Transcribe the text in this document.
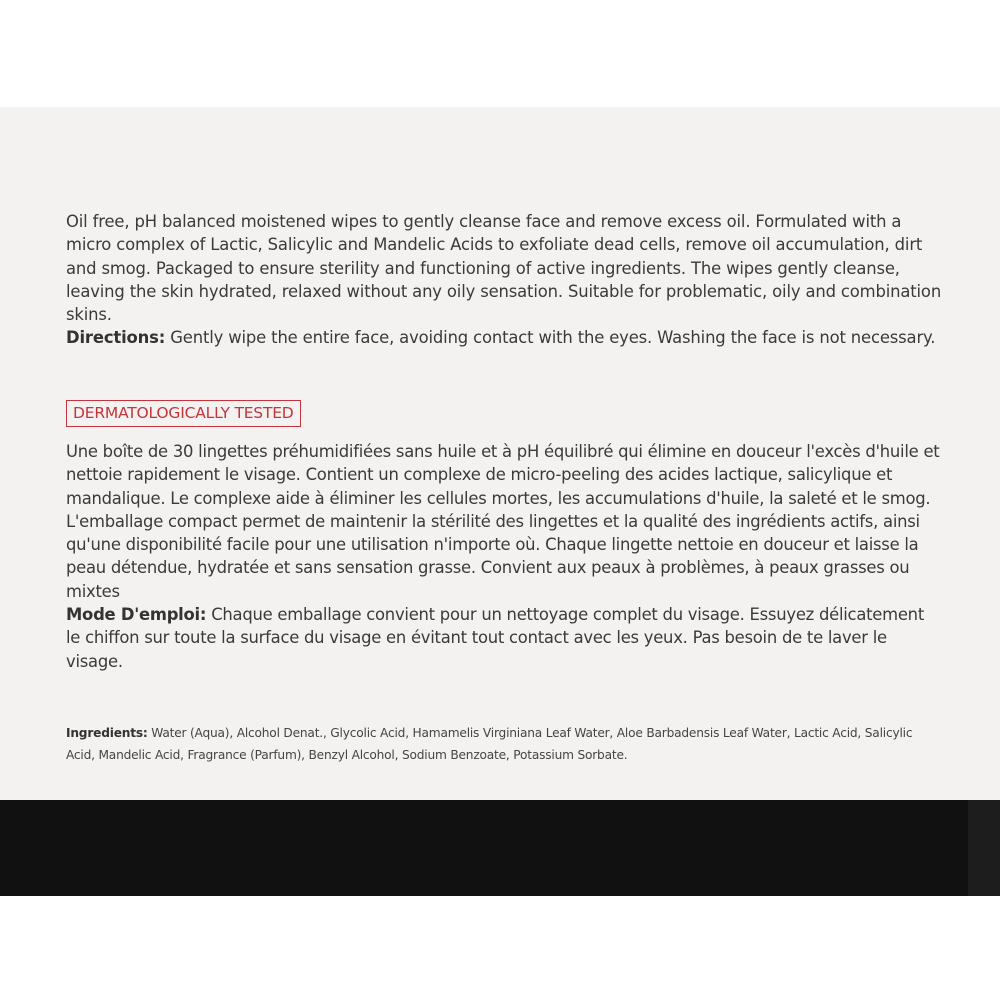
Oil free, pH balanced moistened wipes to gently cleanse face and remove excess oil. Formulated with a micro complex of Lactic, Salicylic and Mandelic Acids to exfoliate dead cells, remove oil accumulation, dirt and smog. Packaged to ensure sterility and functioning of active ingredients. The wipes gently cleanse, leaving the skin hydrated, relaxed without any oily sensation. Suitable for problematic, oily and combination skins.

Directions: Gently wipe the entire face, avoiding contact with the eyes. Washing the face is not necessary.

DERMATOLOGICALLY TESTED

Une boîte de 30 lingettes préhumidifiées sans huile et à pH équilibré qui élimine en douceur l'excès d'huile et nettoie rapidement le visage. Contient un complexe de micro-peeling des acides lactique, salicylique et mandalique. Le complexe aide à éliminer les cellules mortes, les accumulations d'huile, la saleté et le smog. L'emballage compact permet de maintenir la stérilité des lingettes et la qualité des ingrédients actifs, ainsi qu'une disponibilité facile pour une utilisation n'importe où. Chaque lingette nettoie en douceur et laisse la peau détendue, hydratée et sans sensation grasse. Convient aux peaux à problèmes, à peaux grasses ou mixtes

Mode D'emploi: Chaque emballage convient pour un nettoyage complet du visage. Essuyez délicatement le chiffon sur toute la surface du visage en évitant tout contact avec les yeux. Pas besoin de te laver le visage.

Ingredients: Water (Aqua), Alcohol Denat., Glycolic Acid, Hamamelis Virginiana Leaf Water, Aloe Barbadensis Leaf Water, Lactic Acid, Salicylic Acid, Mandelic Acid, Fragrance (Parfum), Benzyl Alcohol, Sodium Benzoate, Potassium Sorbate.
